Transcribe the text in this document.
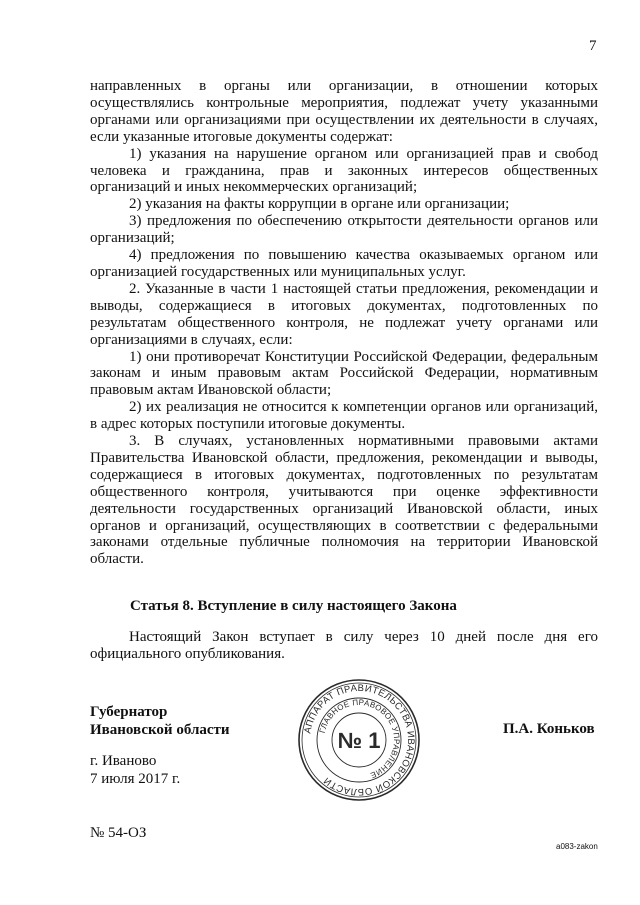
7

направленных в органы или организации, в отношении которых осуществлялись контрольные мероприятия, подлежат учету указанными органами или организациями при осуществлении их деятельности в случаях, если указанные итоговые документы содержат:

1) указания на нарушение органом или организацией прав и свобод человека и гражданина, прав и законных интересов общественных организаций и иных некоммерческих организаций;

2) указания на факты коррупции в органе или организации;

3) предложения по обеспечению открытости деятельности органов или организаций;

4) предложения по повышению качества оказываемых органом или организацией государственных или муниципальных услуг.

2. Указанные в части 1 настоящей статьи предложения, рекомендации и выводы, содержащиеся в итоговых документах, подготовленных по результатам общественного контроля, не подлежат учету органами или организациями в случаях, если:

1) они противоречат Конституции Российской Федерации, федеральным законам и иным правовым актам Российской Федерации, нормативным правовым актам Ивановской области;

2) их реализация не относится к компетенции органов или организаций, в адрес которых поступили итоговые документы.

3. В случаях, установленных нормативными правовыми актами Правительства Ивановской области, предложения, рекомендации и выводы, содержащиеся в итоговых документах, подготовленных по результатам общественного контроля, учитываются при оценке эффективности деятельности государственных организаций Ивановской области, иных органов и организаций, осуществляющих в соответствии с федеральными законами отдельные публичные полномочия на территории Ивановской области.

Статья 8. Вступление в силу настоящего Закона

Настоящий Закон вступает в силу через 10 дней после дня его официального опубликования.

Губернатор
Ивановской области	АППАРАТ ПРАВИТЕЛЬСТВА ИВАНОВСКОЙ ОБЛАСТИ
ГЛАВНОЕ ПРАВОВОЕ УПРАВЛЕНИЕ
№ 1	П.А. Коньков
г. Иваново
7 июля 2017 г.
№ 54-ОЗ
a083-zakon
